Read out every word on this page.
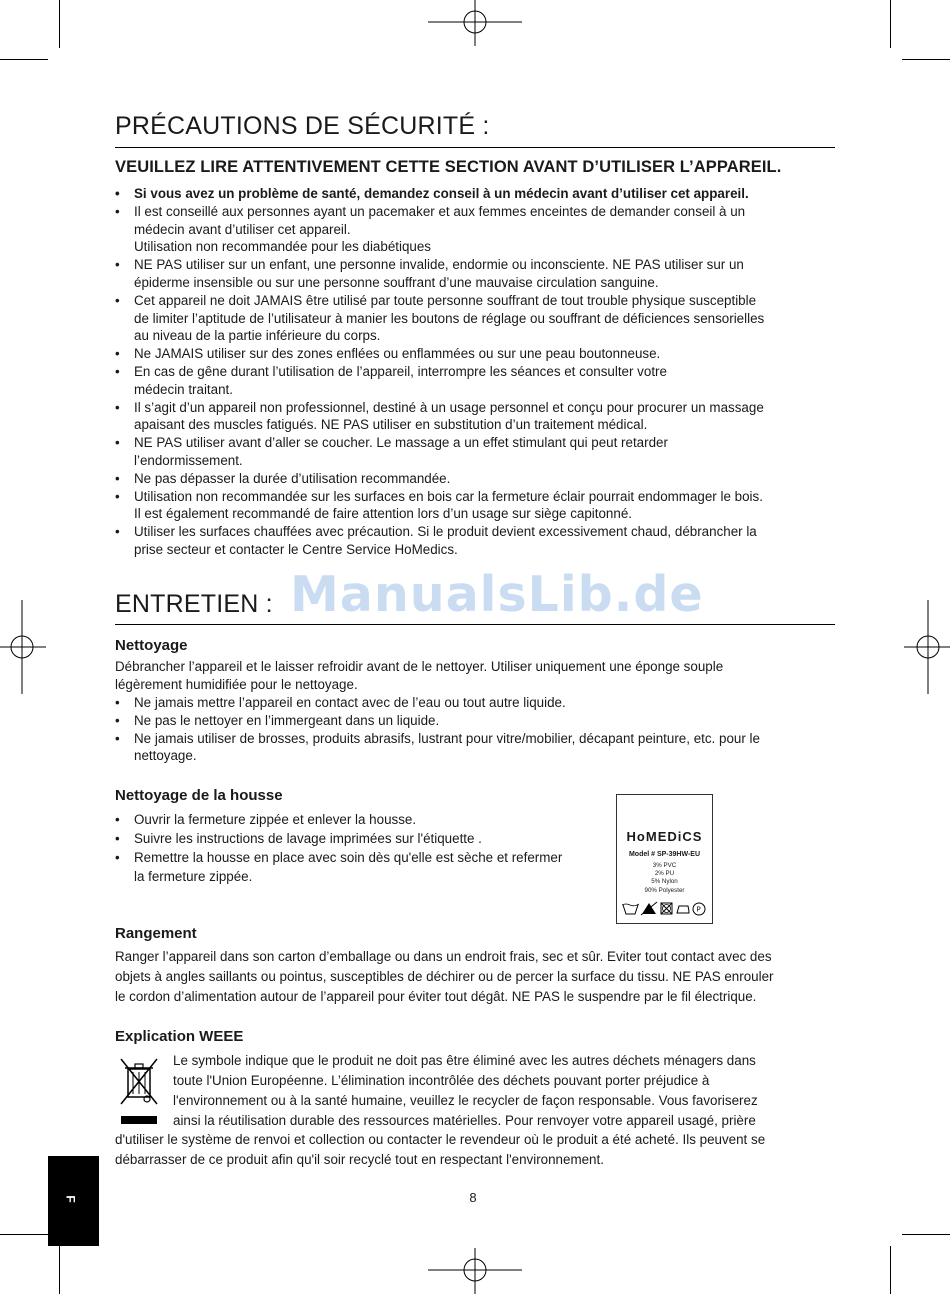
PRÉCAUTIONS DE SÉCURITÉ :
VEUILLEZ LIRE ATTENTIVEMENT CETTE SECTION AVANT D’UTILISER L’APPAREIL.
• Si vous avez un problème de santé, demandez conseil à un médecin avant d’utiliser cet appareil.
• Il est conseillé aux personnes ayant un pacemaker et aux femmes enceintes de demander conseil à un
médecin avant d’utiliser cet appareil.
Utilisation non recommandée pour les diabétiques
• NE PAS utiliser sur un enfant, une personne invalide, endormie ou inconsciente. NE PAS utiliser sur un
épiderme insensible ou sur une personne souffrant d’une mauvaise circulation sanguine.
• Cet appareil ne doit JAMAIS être utilisé par toute personne souffrant de tout trouble physique susceptible
de limiter l’aptitude de l’utilisateur à manier les boutons de réglage ou souffrant de déficiences sensorielles
au niveau de la partie inférieure du corps.
• Ne JAMAIS utiliser sur des zones enflées ou enflammées ou sur une peau boutonneuse.
• En cas de gêne durant l’utilisation de l’appareil, interrompre les séances et consulter votre
médecin traitant.
• Il s’agit d’un appareil non professionnel, destiné à un usage personnel et conçu pour procurer un massage
apaisant des muscles fatigués. NE PAS utiliser en substitution d’un traitement médical.
• NE PAS utiliser avant d’aller se coucher. Le massage a un effet stimulant qui peut retarder
l’endormissement.
• Ne pas dépasser la durée d’utilisation recommandée.
• Utilisation non recommandée sur les surfaces en bois car la fermeture éclair pourrait endommager le bois.
Il est également recommandé de faire attention lors d’un usage sur siège capitonné.
• Utiliser les surfaces chauffées avec précaution. Si le produit devient excessivement chaud, débrancher la
prise secteur et contacter le Centre Service HoMedics.
ENTRETIEN : ManualsLib.de
Nettoyage
Débrancher l’appareil et le laisser refroidir avant de le nettoyer. Utiliser uniquement une éponge souple
légèrement humidifiée pour le nettoyage.
• Ne jamais mettre l’appareil en contact avec de l’eau ou tout autre liquide.
• Ne pas le nettoyer en l’immergeant dans un liquide.
• Ne jamais utiliser de brosses, produits abrasifs, lustrant pour vitre/mobilier, décapant peinture, etc. pour le
nettoyage.
Nettoyage de la housse
• Ouvrir la fermeture zippée et enlever la housse.
• Suivre les instructions de lavage imprimées sur l'étiquette .
• Remettre la housse en place avec soin dès qu'elle est sèche et refermer
la fermeture zippée.
HoMEDiCS
Model # SP-39HW-EU
3% PVC
2% PU
5% Nylon
90% Polyester
P
Rangement
Ranger l’appareil dans son carton d’emballage ou dans un endroit frais, sec et sûr. Eviter tout contact avec des
objets à angles saillants ou pointus, susceptibles de déchirer ou de percer la surface du tissu. NE PAS enrouler
le cordon d’alimentation autour de l’appareil pour éviter tout dégât. NE PAS le suspendre par le fil électrique.
Explication WEEE
Le symbole indique que le produit ne doit pas être éliminé avec les autres déchets ménagers dans
toute l'Union Européenne. L’élimination incontrôlée des déchets pouvant porter préjudice à
l'environnement ou à la santé humaine, veuillez le recycler de façon responsable. Vous favoriserez
ainsi la réutilisation durable des ressources matérielles. Pour renvoyer votre appareil usagé, prière
d'utiliser le système de renvoi et collection ou contacter le revendeur où le produit a été acheté. Ils peuvent se
débarrasser de ce produit afin qu'il soir recyclé tout en respectant l'environnement.
8
F
